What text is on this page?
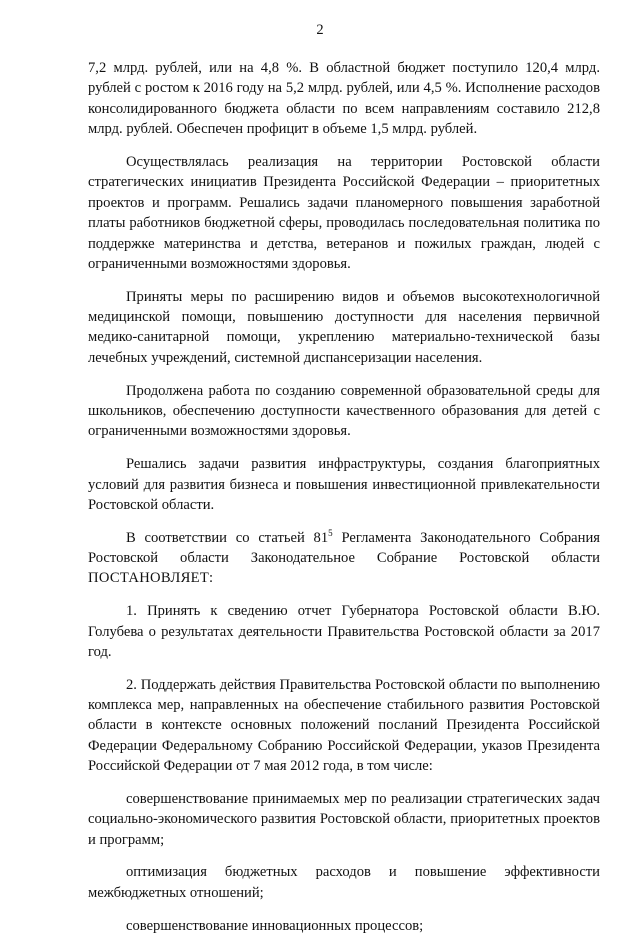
2

7,2 млрд. рублей, или на 4,8 %. В областной бюджет поступило 120,4 млрд. рублей с ростом к 2016 году на 5,2 млрд. рублей, или 4,5 %. Исполнение расходов консолидированного бюджета области по всем направлениям составило 212,8 млрд. рублей. Обеспечен профицит в объеме 1,5 млрд. рублей.

Осуществлялась реализация на территории Ростовской области стратегических инициатив Президента Российской Федерации – приоритетных проектов и программ. Решались задачи планомерного повышения заработной платы работников бюджетной сферы, проводилась последовательная политика по поддержке материнства и детства, ветеранов и пожилых граждан, людей с ограниченными возможностями здоровья.

Приняты меры по расширению видов и объемов высокотехнологичной медицинской помощи, повышению доступности для населения первичной медико-санитарной помощи, укреплению материально-технической базы лечебных учреждений, системной диспансеризации населения.

Продолжена работа по созданию современной образовательной среды для школьников, обеспечению доступности качественного образования для детей с ограниченными возможностями здоровья.

Решались задачи развития инфраструктуры, создания благоприятных условий для развития бизнеса и повышения инвестиционной привлекательности Ростовской области.

В соответствии со статьей $81^5$ Регламента Законодательного Собрания Ростовской области Законодательное Собрание Ростовской области ПОСТАНОВЛЯЕТ:

1. Принять к сведению отчет Губернатора Ростовской области В.Ю. Голубева о результатах деятельности Правительства Ростовской области за 2017 год.

2. Поддержать действия Правительства Ростовской области по выполнению комплекса мер, направленных на обеспечение стабильного развития Ростовской области в контексте основных положений посланий Президента Российской Федерации Федеральному Собранию Российской Федерации, указов Президента Российской Федерации от 7 мая 2012 года, в том числе:

совершенствование принимаемых мер по реализации стратегических задач социально-экономического развития Ростовской области, приоритетных проектов и программ;

оптимизация бюджетных расходов и повышение эффективности межбюджетных отношений;

совершенствование инновационных процессов;
